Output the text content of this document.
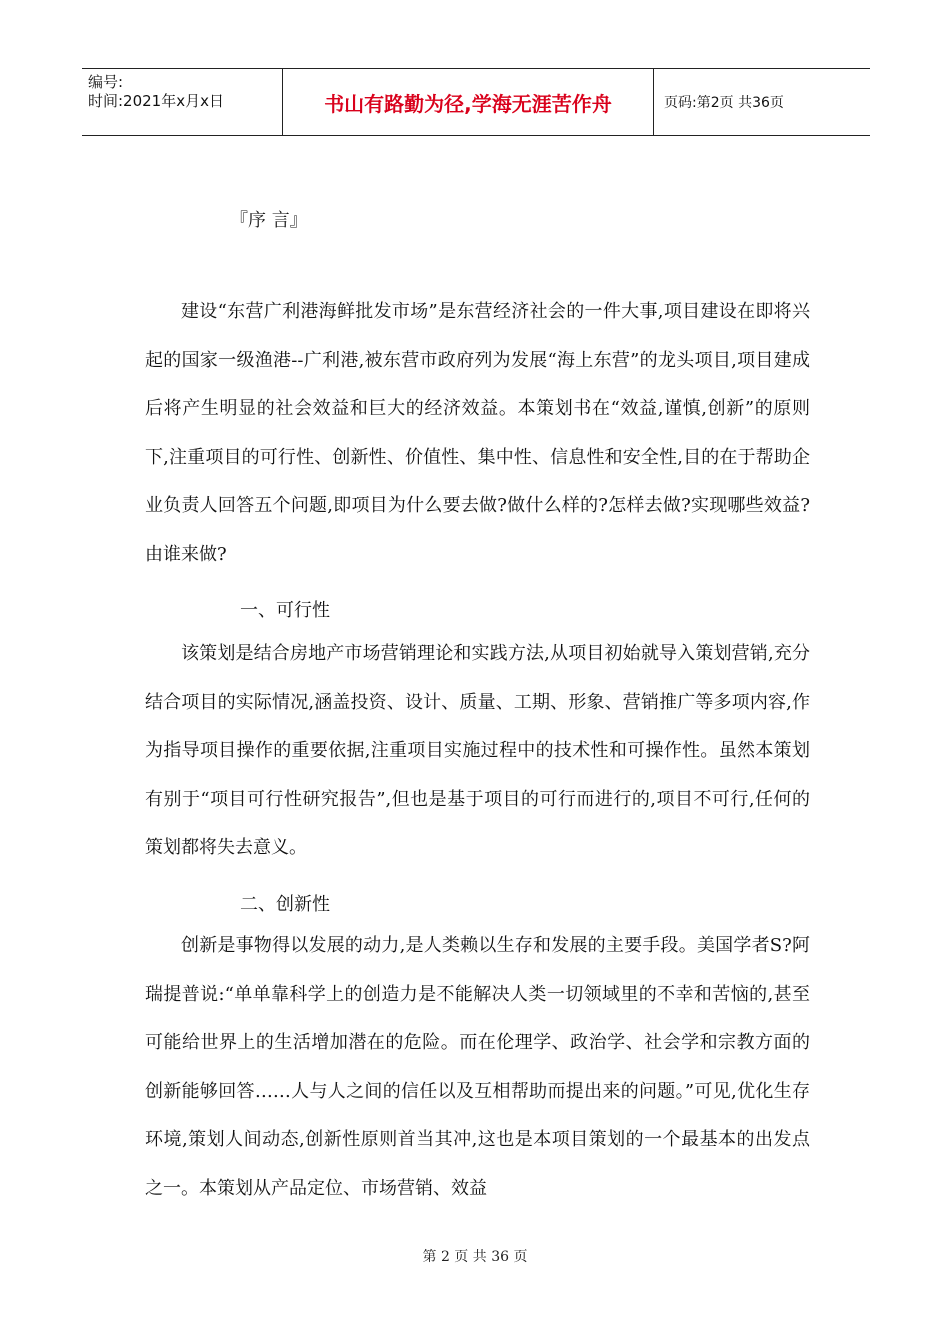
编号:
时间:2021年x月x日	书山有路勤为径,学海无涯苦作舟	页码:第2页 共36页
『序 言』

建设“东营广利港海鲜批发市场”是东营经济社会的一件大事,项目建设在即将兴起的国家一级渔港--广利港,被东营市政府列为发展“海上东营”的龙头项目,项目建成后将产生明显的社会效益和巨大的经济效益。本策划书在“效益,谨慎,创新”的原则下,注重项目的可行性、创新性、价值性、集中性、信息性和安全性,目的在于帮助企业负责人回答五个问题,即项目为什么要去做?做什么样的?怎样去做?实现哪些效益?由谁来做?

一、可行性

该策划是结合房地产市场营销理论和实践方法,从项目初始就导入策划营销,充分结合项目的实际情况,涵盖投资、设计、质量、工期、形象、营销推广等多项内容,作为指导项目操作的重要依据,注重项目实施过程中的技术性和可操作性。虽然本策划有别于“项目可行性研究报告”,但也是基于项目的可行而进行的,项目不可行,任何的策划都将失去意义。

二、创新性

创新是事物得以发展的动力,是人类赖以生存和发展的主要手段。美国学者S?阿瑞提普说:“单单靠科学上的创造力是不能解决人类一切领域里的不幸和苦恼的,甚至可能给世界上的生活增加潜在的危险。而在伦理学、政治学、社会学和宗教方面的创新能够回答……人与人之间的信任以及互相帮助而提出来的问题。”可见,优化生存环境,策划人间动态,创新性原则首当其冲,这也是本项目策划的一个最基本的出发点之一。本策划从产品定位、市场营销、效益

第 2 页 共 36 页
